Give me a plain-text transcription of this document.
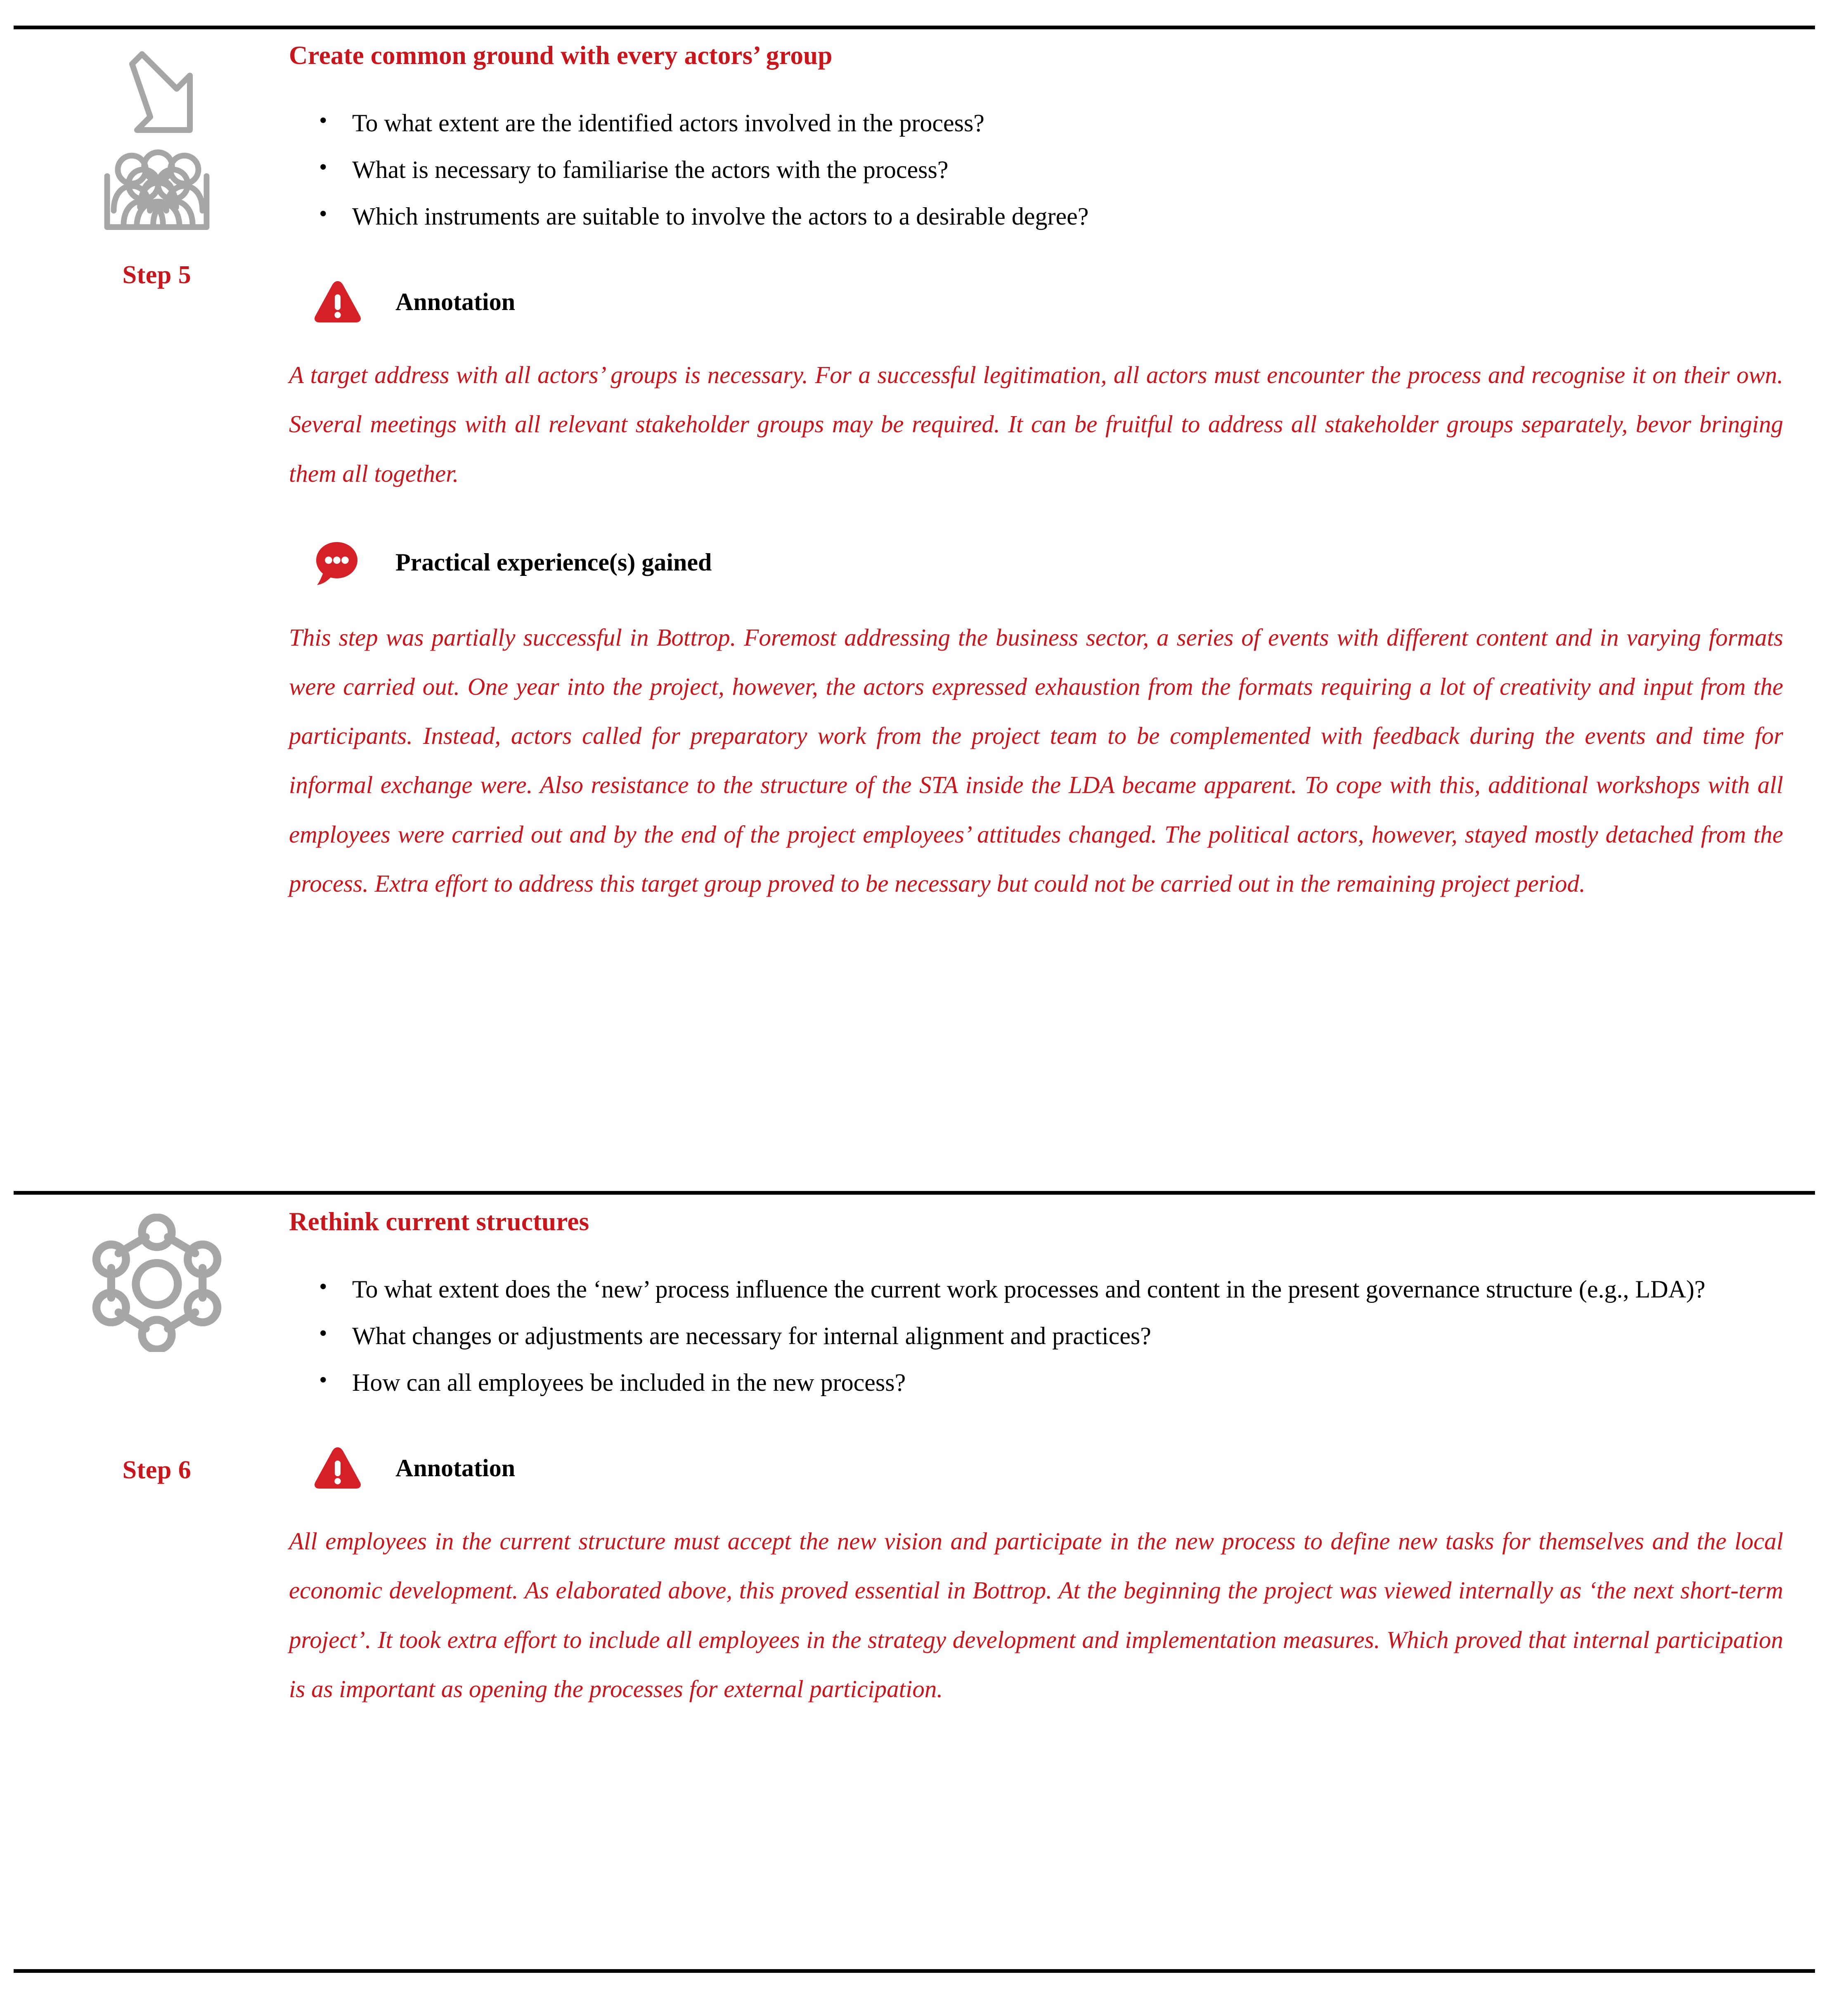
Step 5
Create common ground with every actors’ group
• To what extent are the identified actors involved in the process?
• What is necessary to familiarise the actors with the process?
• Which instruments are suitable to involve the actors to a desirable degree?
Annotation

A target address with all actors’ groups is necessary. For a successful legitimation, all actors must encounter the process and recognise it on their own. Several meetings with all relevant stakeholder groups may be required. It can be fruitful to address all stakeholder groups separately, bevor bringing them all together.

Practical experience(s) gained

This step was partially successful in Bottrop. Foremost addressing the business sector, a series of events with different content and in varying formats were carried out. One year into the project, however, the actors expressed exhaustion from the formats requiring a lot of creativity and input from the participants. Instead, actors called for preparatory work from the project team to be complemented with feedback during the events and time for informal exchange were. Also resistance to the structure of the STA inside the LDA became apparent. To cope with this, additional workshops with all employees were carried out and by the end of the project employees’ attitudes changed. The political actors, however, stayed mostly detached from the process. Extra effort to address this target group proved to be necessary but could not be carried out in the remaining project period.

Step 6
Rethink current structures
• To what extent does the ‘new’ process influence the current work processes and content in the present governance structure (e.g., LDA)?
• What changes or adjustments are necessary for internal alignment and practices?
• How can all employees be included in the new process?
Annotation

All employees in the current structure must accept the new vision and participate in the new process to define new tasks for themselves and the local economic development. As elaborated above, this proved essential in Bottrop. At the beginning the project was viewed internally as ‘the next short-term project’. It took extra effort to include all employees in the strategy development and implementation measures. Which proved that internal participation is as important as opening the processes for external participation.
